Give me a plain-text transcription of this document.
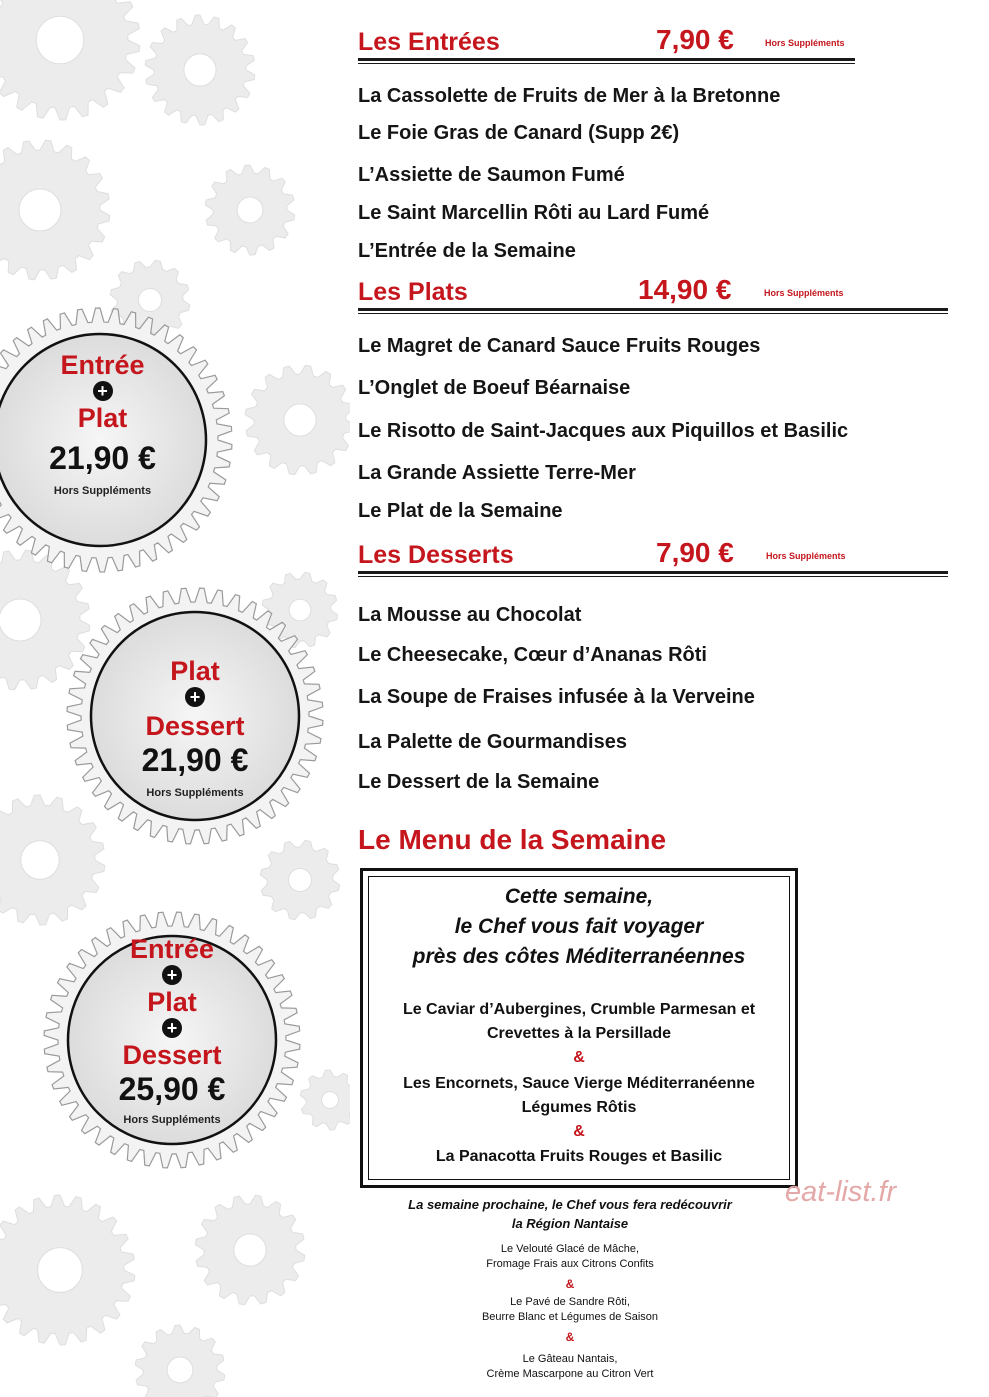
Entrée
+
Plat
21,90 €
Hors Suppléments
Plat
+
Dessert
21,90 €
Hors Suppléments
Entrée
+
Plat
+
Dessert
25,90 €
Hors Suppléments
Les Entrées	7,90 €	Hors Suppléments
La Cassolette de Fruits de Mer à la Bretonne
Le Foie Gras de Canard (Supp 2€)
L’Assiette de Saumon Fumé
Le Saint Marcellin Rôti au Lard Fumé
L’Entrée de la Semaine
Les Plats	14,90 €	Hors Suppléments
Le Magret de Canard Sauce Fruits Rouges
L’Onglet de Boeuf Béarnaise
Le Risotto de Saint-Jacques aux Piquillos et Basilic
La Grande Assiette Terre-Mer
Le Plat de la Semaine
Les Desserts	7,90 €	Hors Suppléments
La Mousse au Chocolat
Le Cheesecake, Cœur d’Ananas Rôti
La Soupe de Fraises infusée à la Verveine
La Palette de Gourmandises
Le Dessert de la Semaine
Le Menu de la Semaine
Cette semaine,
le Chef vous fait voyager
près des côtes Méditerranéennes
Le Caviar d’Aubergines, Crumble Parmesan et
Crevettes à la Persillade
&
Les Encornets, Sauce Vierge Méditerranéenne
Légumes Rôtis
&
La Panacotta Fruits Rouges et Basilic
La semaine prochaine, le Chef vous fera redécouvrir
la Région Nantaise
Le Velouté Glacé de Mâche,
Fromage Frais aux Citrons Confits
&
Le Pavé de Sandre Rôti,
Beurre Blanc et Légumes de Saison
&
Le Gâteau Nantais,
Crème Mascarpone au Citron Vert
eat-list.fr
